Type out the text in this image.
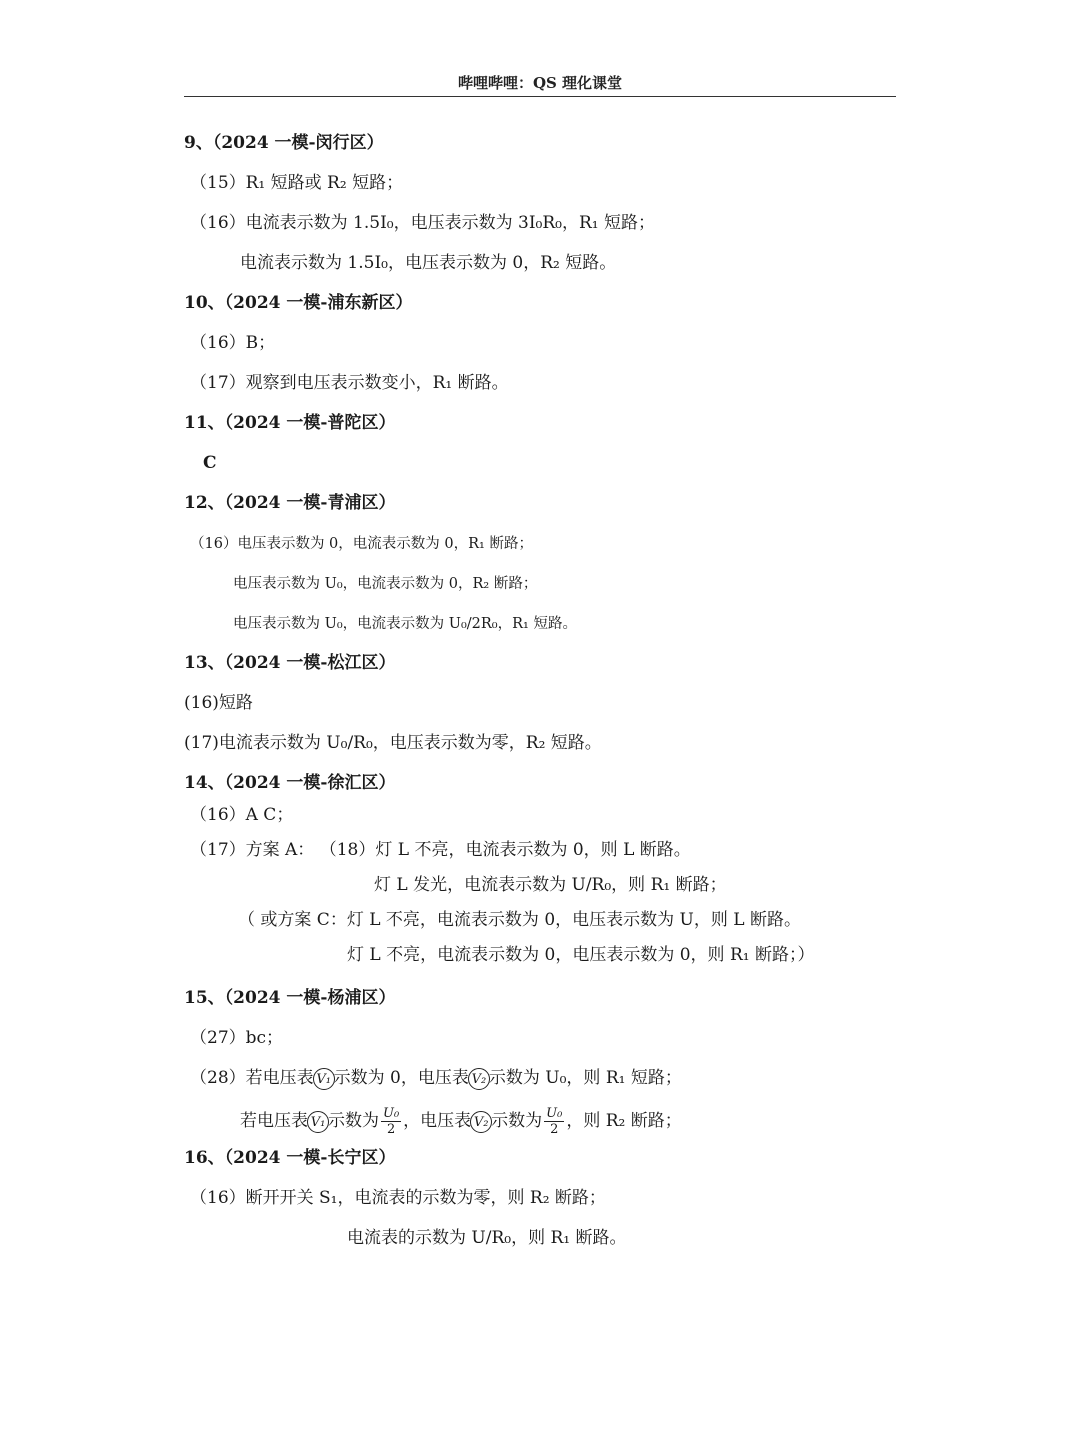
哔哩哔哩：QS 理化课堂
9、（2024 一模-闵行区）
（15）R₁ 短路或 R₂ 短路；
（16）电流表示数为 1.5I₀，电压表示数为 3I₀R₀，R₁ 短路；
电流表示数为 1.5I₀，电压表示数为 0，R₂ 短路。
10、（2024 一模-浦东新区）
（16）B；
（17）观察到电压表示数变小，R₁ 断路。
11、（2024 一模-普陀区）
C
12、（2024 一模-青浦区）
（16）电压表示数为 0，电流表示数为 0，R₁ 断路；
电压表示数为 U₀，电流表示数为 0，R₂ 断路；
电压表示数为 U₀，电流表示数为 U₀/2R₀，R₁ 短路。
13、（2024 一模-松江区）
(16)短路
(17)电流表示数为 U₀/R₀，电压表示数为零，R₂ 短路。
14、（2024 一模-徐汇区）
（16）A C；
（17）方案 A： （18）灯 L 不亮，电流表示数为 0，则 L 断路。
灯 L 发光，电流表示数为 U/R₀，则 R₁ 断路；
（ 或方案 C：灯 L 不亮，电流表示数为 0，电压表示数为 U，则 L 断路。
灯 L 不亮，电流表示数为 0，电压表示数为 0，则 R₁ 断路；）
15、（2024 一模-杨浦区）
（27）bc；
（28）若电压表 V₁ 示数为 0，电压表 V₂ 示数为 U₀，则 R₁ 短路；
若电压表 V₁ 示数为 $\frac{\text{U₀}}{2}$ ，电压表 V₂ 示数为 $\frac{\text{U₀}}{2}$ ，则 R₂ 断路；
16、（2024 一模-长宁区）
（16）断开开关 S₁，电流表的示数为零，则 R₂ 断路；
电流表的示数为 U/R₀，则 R₁ 断路。
